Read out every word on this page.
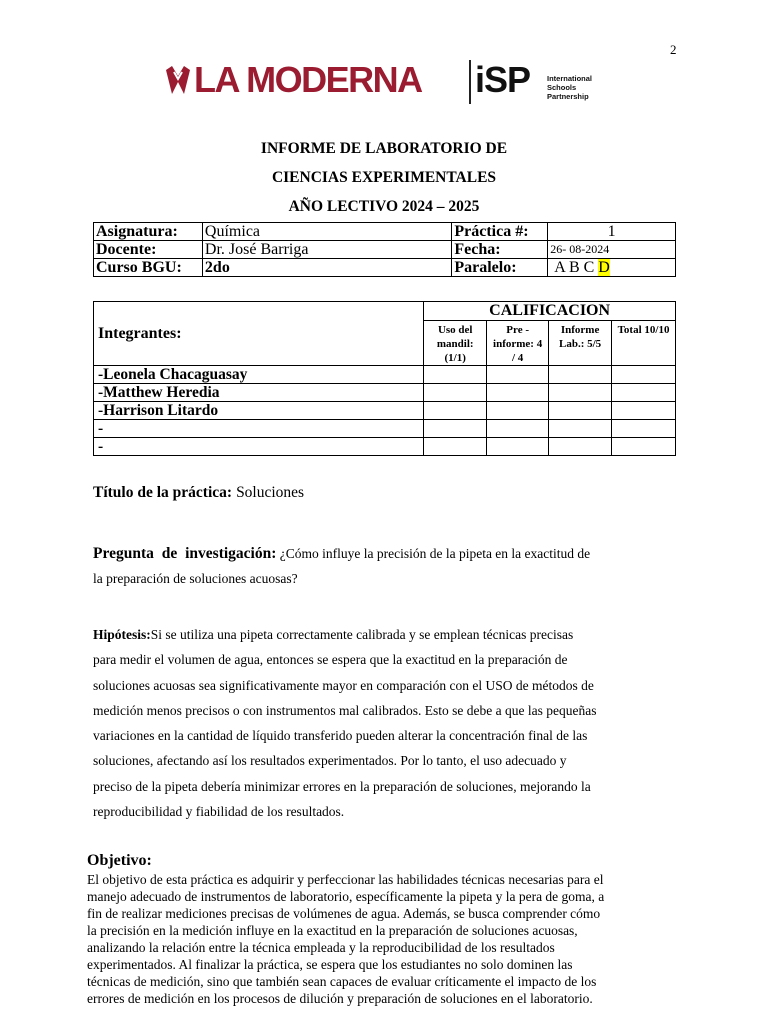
2
LA MODERNA iSP International
Schools
Partnership
INFORME DE LABORATORIO DE
CIENCIAS EXPERIMENTALES
AÑO LECTIVO 2024 – 2025
Asignatura:	Química	Práctica #:	1
Docente:	Dr. José Barriga	Fecha:	26- 08-2024
Curso BGU:	2do	Paralelo:	A B C D
Integrantes:	CALIFICACION			
	Uso del mandil: (1/1)	Pre -informe: 4 / 4	Informe Lab.: 5/5	Total 10/10
-Leonela Chacaguasay				
-Matthew Heredia				
-Harrison Litardo				
-				
-				
Título de la práctica: Soluciones
Pregunta de investigación: ¿Cómo influye la precisión de la pipeta en la exactitud de
la preparación de soluciones acuosas?
Hipótesis:Si se utiliza una pipeta correctamente calibrada y se emplean técnicas precisas
para medir el volumen de agua, entonces se espera que la exactitud en la preparación de
soluciones acuosas sea significativamente mayor en comparación con el USO de métodos de
medición menos precisos o con instrumentos mal calibrados. Esto se debe a que las pequeñas
variaciones en la cantidad de líquido transferido pueden alterar la concentración final de las
soluciones, afectando así los resultados experimentados. Por lo tanto, el uso adecuado y
preciso de la pipeta debería minimizar errores en la preparación de soluciones, mejorando la
reproducibilidad y fiabilidad de los resultados.
Objetivo:
El objetivo de esta práctica es adquirir y perfeccionar las habilidades técnicas necesarias para el
manejo adecuado de instrumentos de laboratorio, específicamente la pipeta y la pera de goma, a
fin de realizar mediciones precisas de volúmenes de agua. Además, se busca comprender cómo
la precisión en la medición influye en la exactitud en la preparación de soluciones acuosas,
analizando la relación entre la técnica empleada y la reproducibilidad de los resultados
experimentados. Al finalizar la práctica, se espera que los estudiantes no solo dominen las
técnicas de medición, sino que también sean capaces de evaluar críticamente el impacto de los
errores de medición en los procesos de dilución y preparación de soluciones en el laboratorio.
